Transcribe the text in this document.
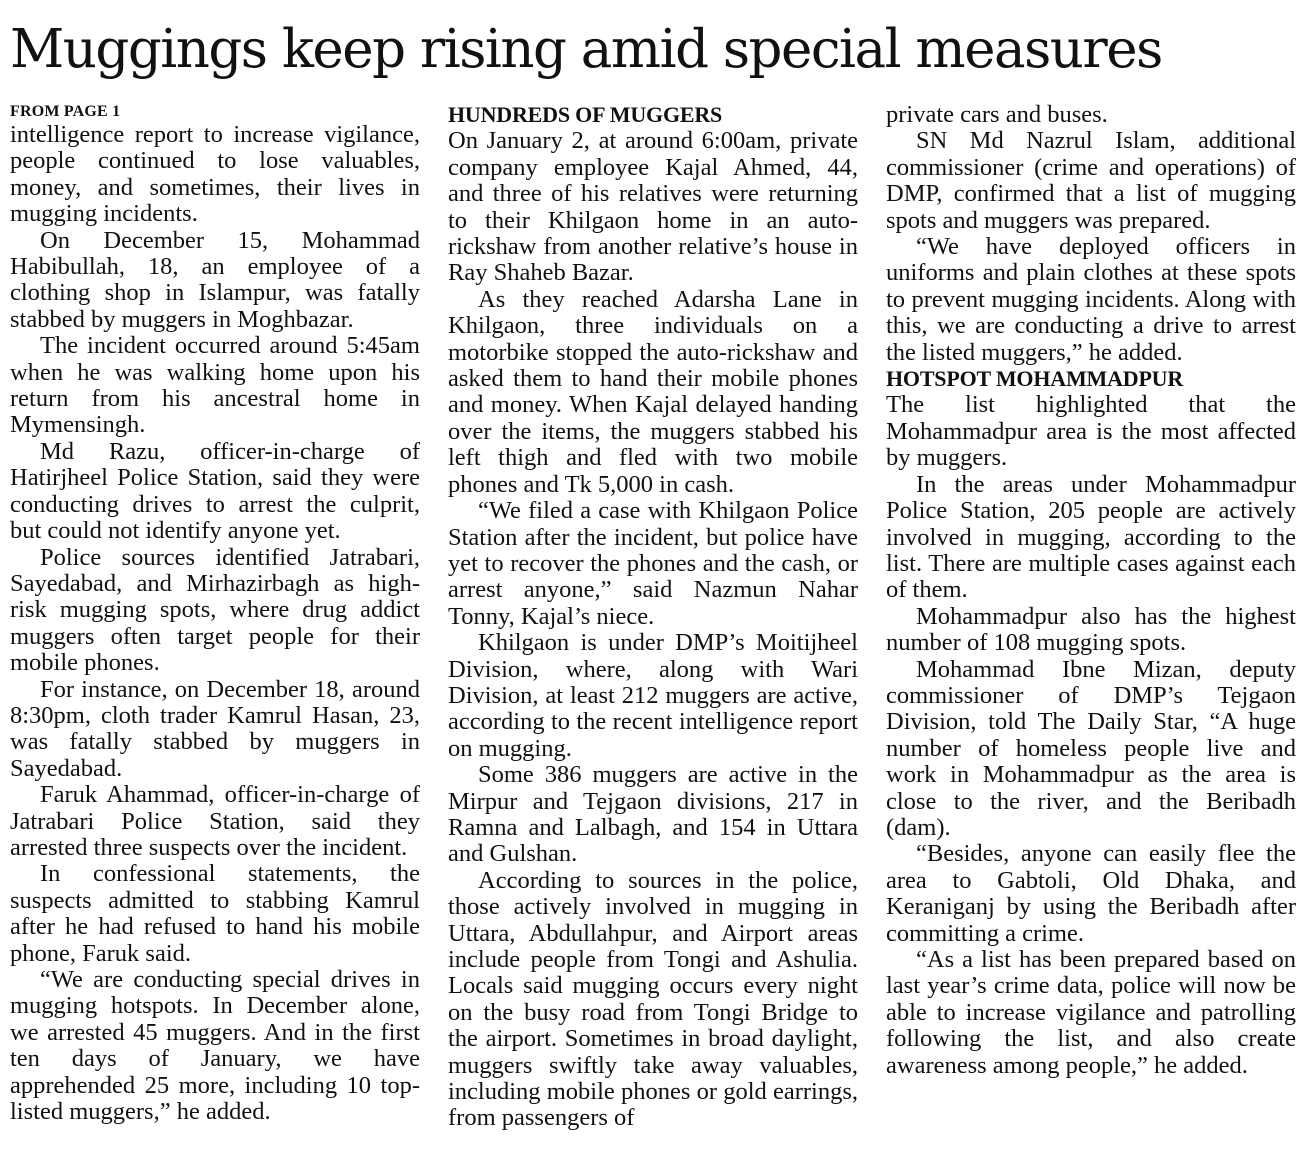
Muggings keep rising amid special measures
FROM PAGE 1

intelligence report to increase vigilance, people continued to lose valuables, money, and sometimes, their lives in mugging incidents.

On December 15, Mohammad Habibullah, 18, an employee of a clothing shop in Islampur, was fatally stabbed by muggers in Moghbazar.

The incident occurred around 5:45am when he was walking home upon his return from his ancestral home in Mymensingh.

Md Razu, officer-in-charge of Hatirjheel Police Station, said they were conducting drives to arrest the culprit, but could not identify anyone yet.

Police sources identified Jatrabari, Sayedabad, and Mirhazirbagh as high-risk mugging spots, where drug addict muggers often target people for their mobile phones.

For instance, on December 18, around 8:30pm, cloth trader Kamrul Hasan, 23, was fatally stabbed by muggers in Sayedabad.

Faruk Ahammad, officer-in-charge of Jatrabari Police Station, said they arrested three suspects over the incident.

In confessional statements, the suspects admitted to stabbing Kamrul after he had refused to hand his mobile phone, Faruk said.

“We are conducting special drives in mugging hotspots. In December alone, we arrested 45 muggers. And in the first ten days of January, we have apprehended 25 more, including 10 top-listed muggers,” he added.

HUNDREDS OF MUGGERS

On January 2, at around 6:00am, private company employee Kajal Ahmed, 44, and three of his relatives were returning to their Khilgaon home in an auto-rickshaw from another relative’s house in Ray Shaheb Bazar.

As they reached Adarsha Lane in Khilgaon, three individuals on a motorbike stopped the auto-rickshaw and asked them to hand their mobile phones and money. When Kajal delayed handing over the items, the muggers stabbed his left thigh and fled with two mobile phones and Tk 5,000 in cash.

“We filed a case with Khilgaon Police Station after the incident, but police have yet to recover the phones and the cash, or arrest anyone,” said Nazmun Nahar Tonny, Kajal’s niece.

Khilgaon is under DMP’s Moitijheel Division, where, along with Wari Division, at least 212 muggers are active, according to the recent intelligence report on mugging.

Some 386 muggers are active in the Mirpur and Tejgaon divisions, 217 in Ramna and Lalbagh, and 154 in Uttara and Gulshan.

According to sources in the police, those actively involved in mugging in Uttara, Abdullahpur, and Airport areas include people from Tongi and Ashulia. Locals said mugging occurs every night on the busy road from Tongi Bridge to the airport. Sometimes in broad daylight, muggers swiftly take away valuables, including mobile phones or gold earrings, from passengers of

private cars and buses.

SN Md Nazrul Islam, additional commissioner (crime and operations) of DMP, confirmed that a list of mugging spots and muggers was prepared.

“We have deployed officers in uniforms and plain clothes at these spots to prevent mugging incidents. Along with this, we are conducting a drive to arrest the listed muggers,” he added.

HOTSPOT MOHAMMADPUR

The list highlighted that the Mohammadpur area is the most affected by muggers.

In the areas under Mohammadpur Police Station, 205 people are actively involved in mugging, according to the list. There are multiple cases against each of them.

Mohammadpur also has the highest number of 108 mugging spots.

Mohammad Ibne Mizan, deputy commissioner of DMP’s Tejgaon Division, told The Daily Star, “A huge number of homeless people live and work in Mohammadpur as the area is close to the river, and the Beribadh (dam).

“Besides, anyone can easily flee the area to Gabtoli, Old Dhaka, and Keraniganj by using the Beribadh after committing a crime.

“As a list has been prepared based on last year’s crime data, police will now be able to increase vigilance and patrolling following the list, and also create awareness among people,” he added.
